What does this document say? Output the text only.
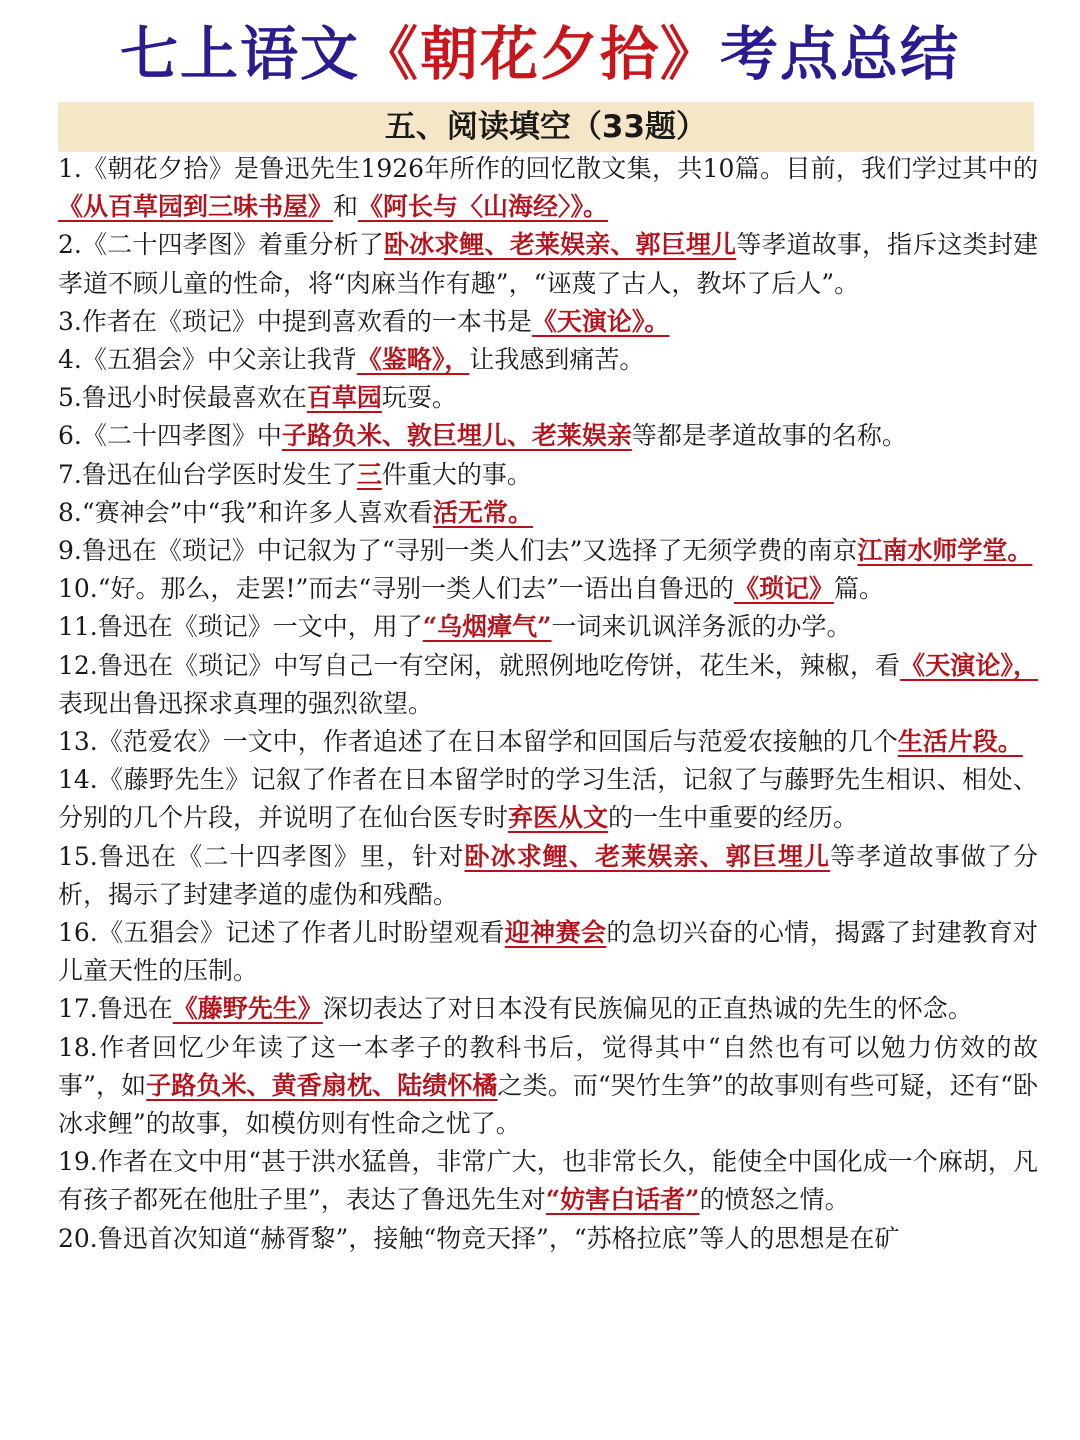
七上语文《朝花夕拾》考点总结
五、阅读填空（33题）

1.《朝花夕拾》是鲁迅先生1926年所作的回忆散文集，共10篇。目前，我们学过其中的《从百草园到三味书屋》和《阿长与〈山海经〉》。

2.《二十四孝图》着重分析了卧冰求鲤、老莱娱亲、郭巨埋儿等孝道故事，指斥这类封建孝道不顾儿童的性命，将“肉麻当作有趣”，“诬蔑了古人，教坏了后人”。

3.作者在《琐记》中提到喜欢看的一本书是《天演论》。

4.《五猖会》中父亲让我背《鉴略》，让我感到痛苦。

5.鲁迅小时侯最喜欢在百草园玩耍。

6.《二十四孝图》中子路负米、敦巨埋儿、老莱娱亲等都是孝道故事的名称。

7.鲁迅在仙台学医时发生了三件重大的事。

8.“赛神会”中“我”和许多人喜欢看活无常。

9.鲁迅在《琐记》中记叙为了“寻别一类人们去”又选择了无须学费的南京江南水师学堂。

10.“好。那么，走罢!”而去“寻别一类人们去”一语出自鲁迅的《琐记》篇。

11.鲁迅在《琐记》一文中，用了“乌烟瘴气”一词来讥讽洋务派的办学。

12.鲁迅在《琐记》中写自己一有空闲，就照例地吃侉饼，花生米，辣椒，看《天演论》，表现出鲁迅探求真理的强烈欲望。

13.《范爱农》一文中，作者追述了在日本留学和回国后与范爱农接触的几个生活片段。

14.《藤野先生》记叙了作者在日本留学时的学习生活，记叙了与藤野先生相识、相处、分别的几个片段，并说明了在仙台医专时弃医从文的一生中重要的经历。

15.鲁迅在《二十四孝图》里，针对卧冰求鲤、老莱娱亲、郭巨埋儿等孝道故事做了分析，揭示了封建孝道的虚伪和残酷。

16.《五猖会》记述了作者儿时盼望观看迎神赛会的急切兴奋的心情，揭露了封建教育对儿童天性的压制。

17.鲁迅在《藤野先生》深切表达了对日本没有民族偏见的正直热诚的先生的怀念。

18.作者回忆少年读了这一本孝子的教科书后，觉得其中“自然也有可以勉力仿效的故事”，如子路负米、黄香扇枕、陆绩怀橘之类。而“哭竹生笋”的故事则有些可疑，还有“卧冰求鲤”的故事，如模仿则有性命之忧了。

19.作者在文中用“甚于洪水猛兽，非常广大，也非常长久，能使全中国化成一个麻胡，凡有孩子都死在他肚子里”，表达了鲁迅先生对“妨害白话者”的愤怒之情。

20.鲁迅首次知道“赫胥黎”，接触“物竞天择”，“苏格拉底”等人的思想是在矿
